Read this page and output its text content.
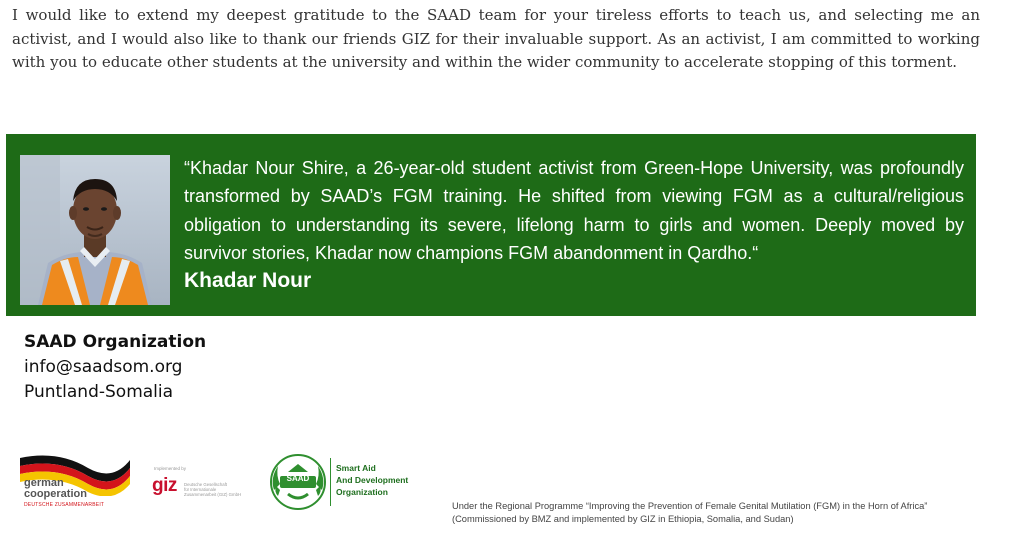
I would like to extend my deepest gratitude to the SAAD team for your tireless efforts to teach us, and selecting me an activist, and I would also like to thank our friends GIZ for their invaluable support. As an activist, I am committed to working with you to educate other students at the university and within the wider community to accelerate stopping of this torment.

“Khadar Nour Shire, a 26-year-old student activist from Green-Hope University, was profoundly transformed by SAAD’s FGM training. He shifted from viewing FGM as a cultural/religious obligation to understanding its severe, lifelong harm to girls and women. Deeply moved by survivor stories, Khadar now champions FGM abandonment in Qardho.“

Khadar Nour

SAAD Organization
info@saadsom.org
Puntland-Somalia
german
cooperation
DEUTSCHE ZUSAMMENARBEIT
Implemented by
giz Deutsche Gesellschaft
für Internationale
Zusammenarbeit (GIZ) GmbH
SAAD
Smart Aid
And Development
Organization

Under the Regional Programme “Improving the Prevention of Female Genital Mutilation (FGM) in the Horn of Africa” (Commissioned by BMZ and implemented by GIZ in Ethiopia, Somalia, and Sudan)
